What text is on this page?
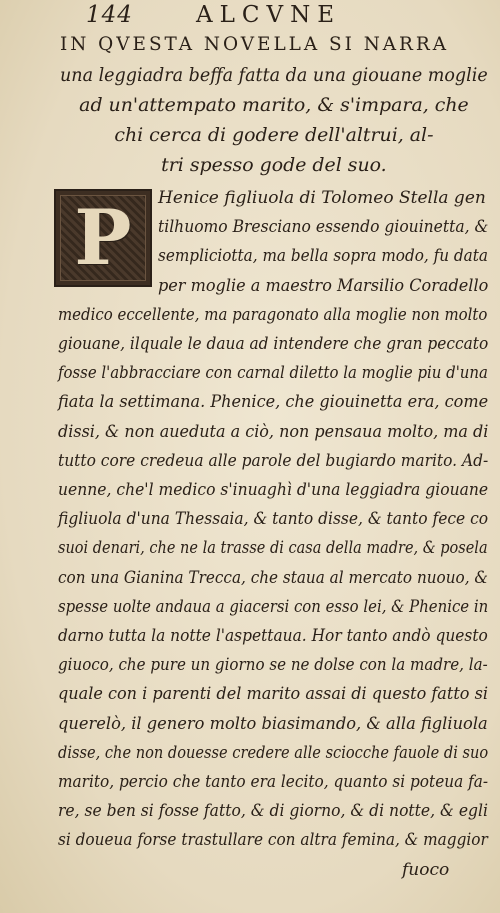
144	ALCVNE
IN QVESTA NOVELLA SI NARRA
una leggiadra beffa fatta da una giouane moglie
ad un'attempato marito, & s'impara, che
chi cerca di godere dell'altrui, al-
tri spesso gode del suo.
P	Henice figliuola di Tolomeo Stella gen
tilhuomo Bresciano essendo giouinetta, &
sempliciotta, ma bella sopra modo, fu data
per moglie a maestro Marsilio Coradello
medico eccellente, ma paragonato alla moglie non molto
giouane, ilquale le daua ad intendere che gran peccato
fosse l'abbracciare con carnal diletto la moglie piu d'una
fiata la settimana. Phenice, che giouinetta era, come
dissi, & non aueduta a ciò, non pensaua molto, ma di
tutto core credeua alle parole del bugiardo marito. Ad-
uenne, che'l medico s'inuaghì d'una leggiadra giouane
figliuola d'una Thessaia, & tanto disse, & tanto fece co
suoi denari, che ne la trasse di casa della madre, & posela
con una Gianina Trecca, che staua al mercato nuouo, &
spesse uolte andaua a giacersi con esso lei, & Phenice in
darno tutta la notte l'aspettaua. Hor tanto andò questo
giuoco, che pure un giorno se ne dolse con la madre, la-
quale con i parenti del marito assai di questo fatto si
querelò, il genero molto biasimando, & alla figliuola
disse, che non douesse credere alle sciocche fauole di suo
marito, percio che tanto era lecito, quanto si poteua fa-
re, se ben si fosse fatto, & di giorno, & di notte, & egli
si doueua forse trastullare con altra femina, & maggior
fuoco
